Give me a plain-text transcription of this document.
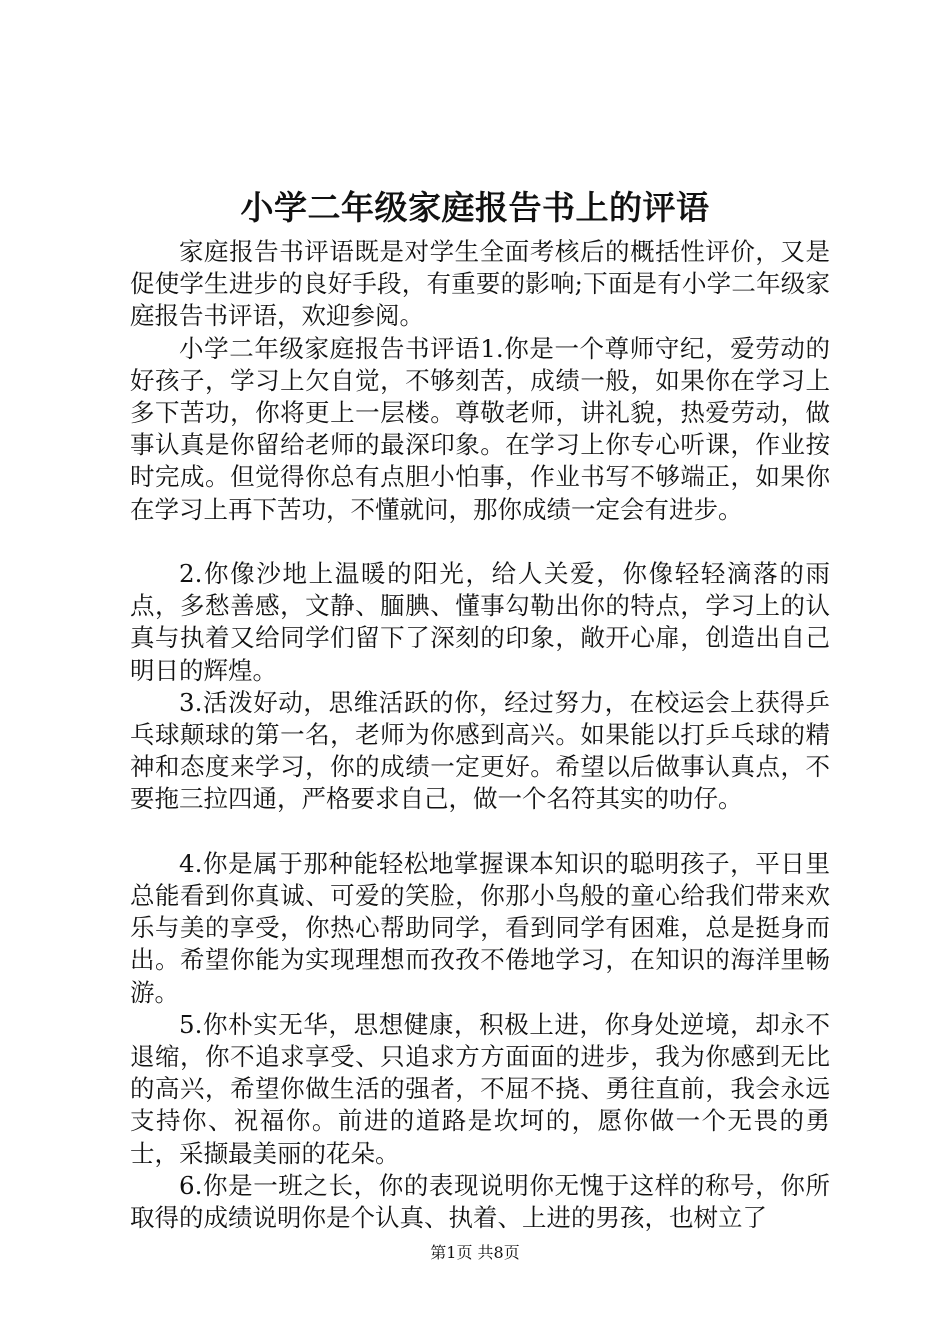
小学二年级家庭报告书上的评语

家庭报告书评语既是对学生全面考核后的概括性评价，又是促使学生进步的良好手段，有重要的影响;下面是有小学二年级家庭报告书评语，欢迎参阅。

小学二年级家庭报告书评语1.你是一个尊师守纪，爱劳动的好孩子，学习上欠自觉，不够刻苦，成绩一般，如果你在学习上多下苦功，你将更上一层楼。尊敬老师，讲礼貌，热爱劳动，做事认真是你留给老师的最深印象。在学习上你专心听课，作业按时完成。但觉得你总有点胆小怕事，作业书写不够端正，如果你在学习上再下苦功，不懂就问，那你成绩一定会有进步。

2.你像沙地上温暖的阳光，给人关爱，你像轻轻滴落的雨点，多愁善感，文静、腼腆、懂事勾勒出你的特点，学习上的认真与执着又给同学们留下了深刻的印象，敞开心扉，创造出自己明日的辉煌。

3.活泼好动，思维活跃的你，经过努力，在校运会上获得乒乓球颠球的第一名，老师为你感到高兴。如果能以打乒乓球的精神和态度来学习，你的成绩一定更好。希望以后做事认真点，不要拖三拉四通，严格要求自己，做一个名符其实的叻仔。

4.你是属于那种能轻松地掌握课本知识的聪明孩子，平日里总能看到你真诚、可爱的笑脸，你那小鸟般的童心给我们带来欢乐与美的享受，你热心帮助同学，看到同学有困难，总是挺身而出。希望你能为实现理想而孜孜不倦地学习，在知识的海洋里畅游。

5.你朴实无华，思想健康，积极上进，你身处逆境，却永不退缩，你不追求享受、只追求方方面面的进步，我为你感到无比的高兴，希望你做生活的强者，不屈不挠、勇往直前，我会永远支持你、祝福你。前进的道路是坎坷的，愿你做一个无畏的勇士，采撷最美丽的花朵。

6.你是一班之长，你的表现说明你无愧于这样的称号，你所取得的成绩说明你是个认真、执着、上进的男孩，也树立了

第1页 共8页
